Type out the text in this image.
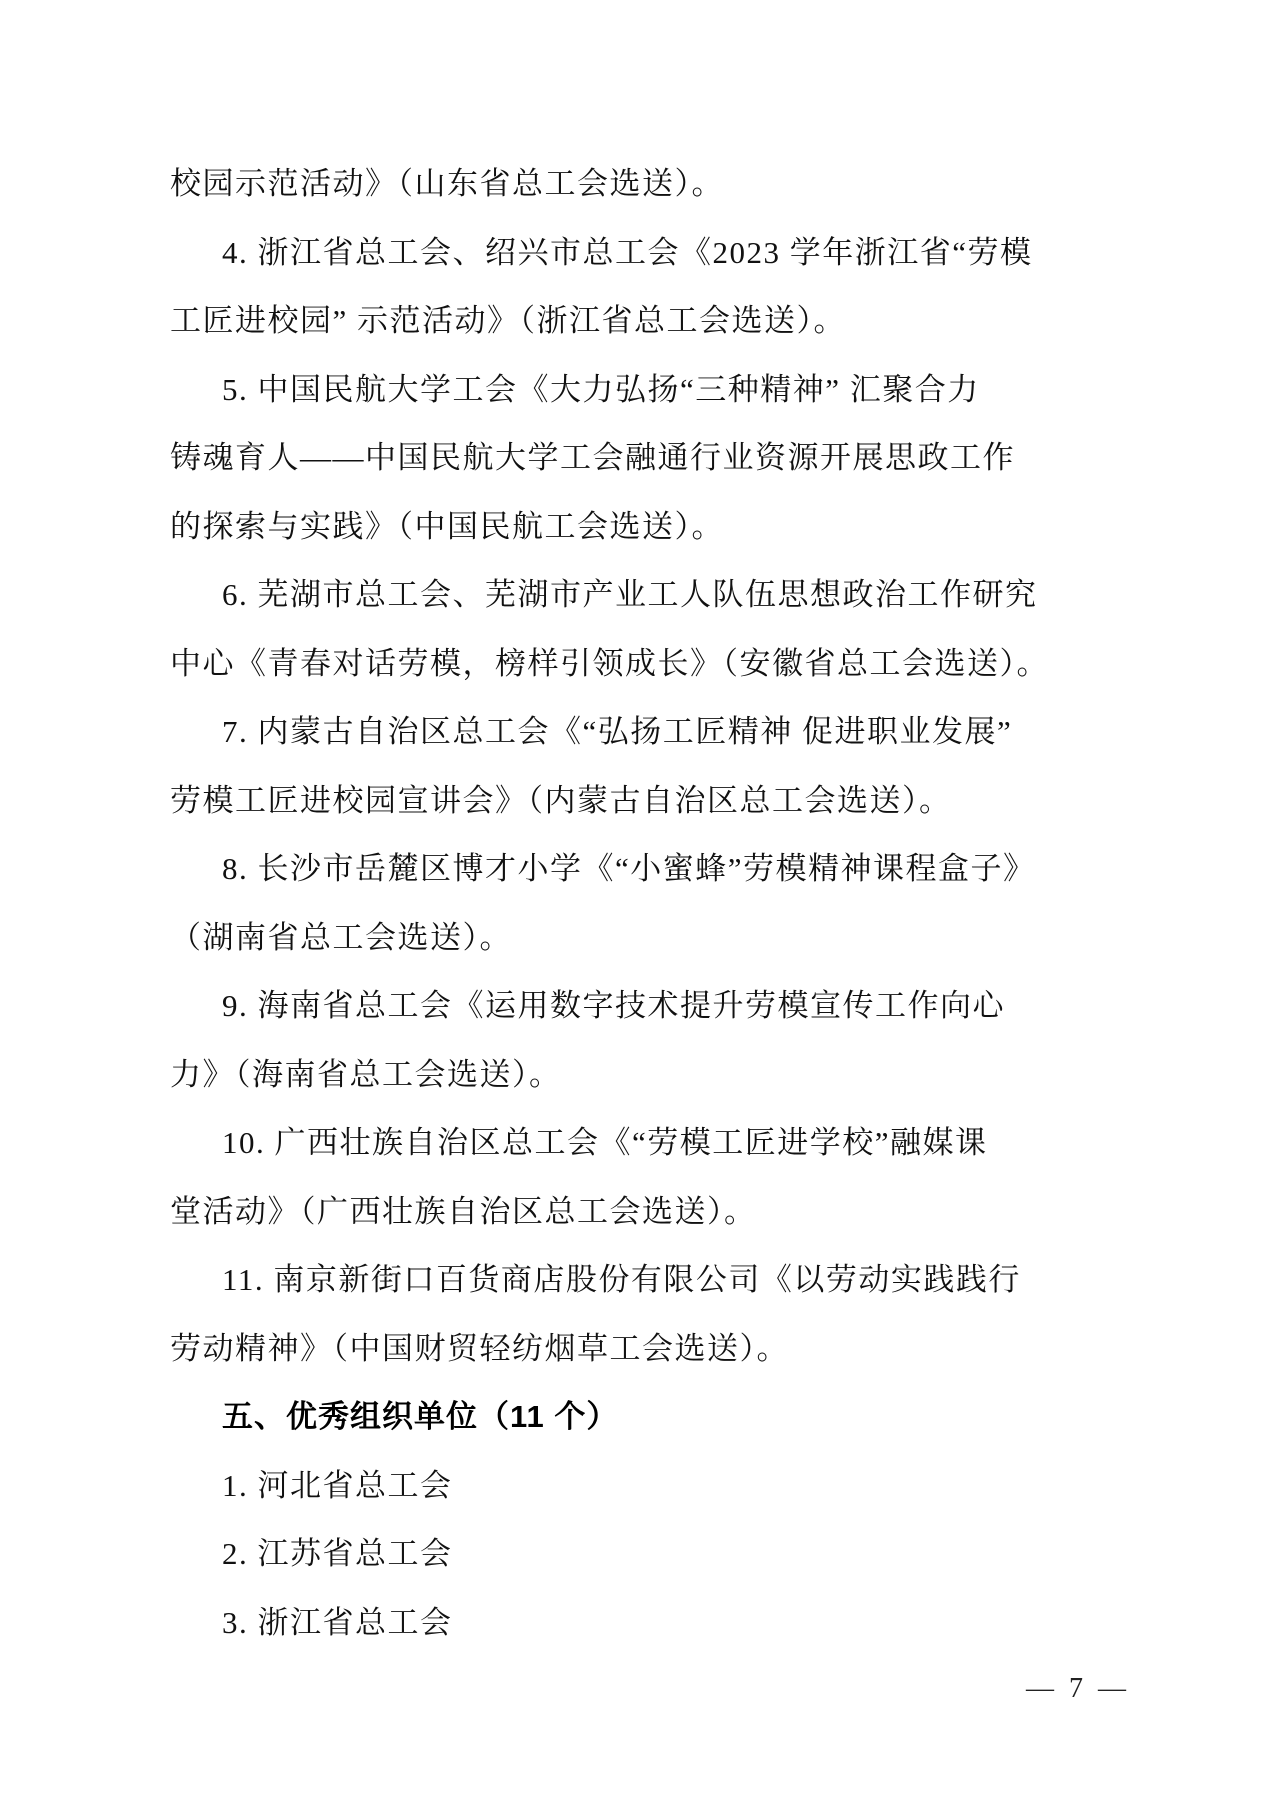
校园示范活动》（山东省总工会选送）。
4. 浙江省总工会、绍兴市总工会《2023 学年浙江省“劳模
工匠进校园” 示范活动》（浙江省总工会选送）。
5. 中国民航大学工会《大力弘扬“三种精神” 汇聚合力
铸魂育人——中国民航大学工会融通行业资源开展思政工作
的探索与实践》（中国民航工会选送）。
6. 芜湖市总工会、芜湖市产业工人队伍思想政治工作研究
中心《青春对话劳模，榜样引领成长》（安徽省总工会选送）。
7. 内蒙古自治区总工会《“弘扬工匠精神 促进职业发展”
劳模工匠进校园宣讲会》（内蒙古自治区总工会选送）。
8. 长沙市岳麓区博才小学《“小蜜蜂”劳模精神课程盒子》
（湖南省总工会选送）。
9. 海南省总工会《运用数字技术提升劳模宣传工作向心
力》（海南省总工会选送）。
10. 广西壮族自治区总工会《“劳模工匠进学校”融媒课
堂活动》（广西壮族自治区总工会选送）。
11. 南京新街口百货商店股份有限公司《以劳动实践践行
劳动精神》（中国财贸轻纺烟草工会选送）。
五、优秀组织单位（11 个）
1. 河北省总工会
2. 江苏省总工会
3. 浙江省总工会
— 7 —
